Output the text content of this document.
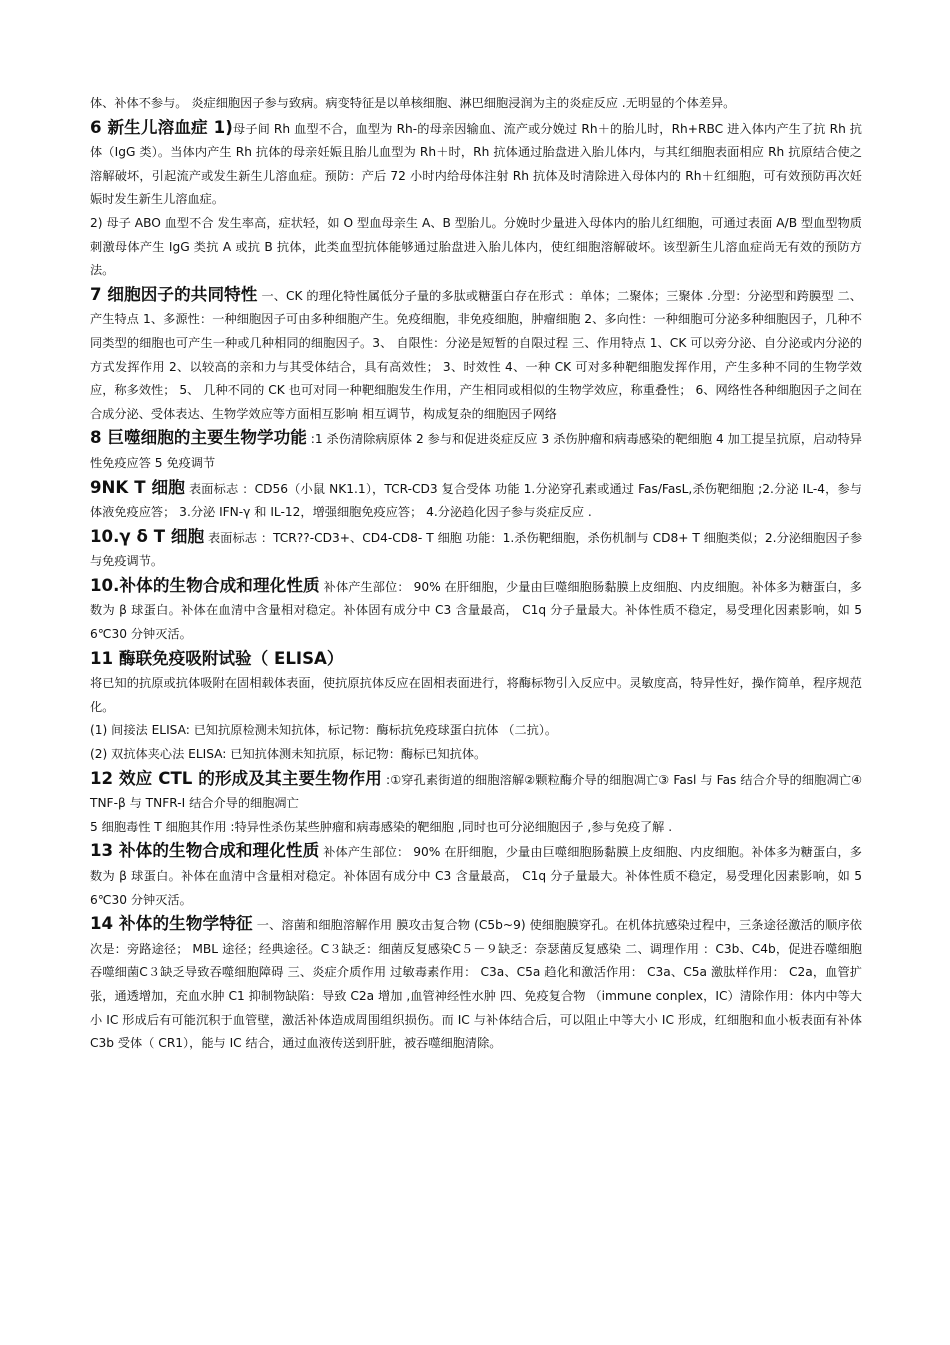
体、补体不参与。 炎症细胞因子参与致病。病变特征是以单核细胞、淋巴细胞浸润为主的炎症反应 .无明显的个体差异。

6 新生儿溶血症 1)母子间 Rh 血型不合，血型为 Rh-的母亲因输血、流产或分娩过 Rh＋的胎儿时，Rh+RBC 进入体内产生了抗 Rh 抗体（IgG 类）。当体内产生 Rh 抗体的母亲妊娠且胎儿血型为 Rh＋时，Rh 抗体通过胎盘进入胎儿体内，与其红细胞表面相应 Rh 抗原结合使之溶解破坏，引起流产或发生新生儿溶血症。预防：产后 72 小时内给母体注射 Rh 抗体及时清除进入母体内的 Rh＋红细胞，可有效预防再次妊娠时发生新生儿溶血症。

2) 母子 ABO 血型不合 发生率高，症状轻，如 O 型血母亲生 A、B 型胎儿。分娩时少量进入母体内的胎儿红细胞，可通过表面 A/B 型血型物质刺激母体产生 IgG 类抗 A 或抗 B 抗体，此类血型抗体能够通过胎盘进入胎儿体内，使红细胞溶解破坏。该型新生儿溶血症尚无有效的预防方法。

7 细胞因子的共同特性 一、CK 的理化特性属低分子量的多肽或糖蛋白存在形式 ：单体；二聚体；三聚体 .分型：分泌型和跨膜型 二、产生特点 1、多源性：一种细胞因子可由多种细胞产生。免疫细胞，非免疫细胞，肿瘤细胞 2、多向性：一种细胞可分泌多种细胞因子，几种不同类型的细胞也可产生一种或几种相同的细胞因子。3、 自限性：分泌是短暂的自限过程 三、作用特点 1、CK 可以旁分泌、自分泌或内分泌的方式发挥作用 2、以较高的亲和力与其受体结合，具有高效性； 3、时效性 4、一种 CK 可对多种靶细胞发挥作用，产生多种不同的生物学效应，称多效性； 5、 几种不同的 CK 也可对同一种靶细胞发生作用，产生相同或相似的生物学效应，称重叠性； 6、网络性各种细胞因子之间在合成分泌、受体表达、生物学效应等方面相互影响 相互调节，构成复杂的细胞因子网络

8 巨噬细胞的主要生物学功能 :1 杀伤清除病原体 2 参与和促进炎症反应 3 杀伤肿瘤和病毒感染的靶细胞 4 加工提呈抗原，启动特异性免疫应答 5 免疫调节

9NK T 细胞 表面标志 ：CD56（小鼠 NK1.1），TCR-CD3 复合受体 功能 1.分泌穿孔素或通过 Fas/FasL,杀伤靶细胞 ;2.分泌 IL-4，参与体液免疫应答； 3.分泌 IFN-γ 和 IL-12，增强细胞免疫应答； 4.分泌趋化因子参与炎症反应 .

10.γ δ T 细胞 表面标志 ：TCR??-CD3+、CD4-CD8- T 细胞 功能：1.杀伤靶细胞，杀伤机制与 CD8+ T 细胞类似；2.分泌细胞因子参与免疫调节。

10.补体的生物合成和理化性质 补体产生部位： 90% 在肝细胞，少量由巨噬细胞肠黏膜上皮细胞、内皮细胞。补体多为糖蛋白，多数为 β 球蛋白。补体在血清中含量相对稳定。补体固有成分中 C3 含量最高， C1q 分子量最大。补体性质不稳定，易受理化因素影响，如 56℃30 分钟灭活。

11 酶联免疫吸附试验（ ELISA）

将已知的抗原或抗体吸附在固相载体表面，使抗原抗体反应在固相表面进行，将酶标物引入反应中。灵敏度高，特异性好，操作简单，程序规范化。

(1) 间接法 ELISA: 已知抗原检测未知抗体，标记物：酶标抗免疫球蛋白抗体 （二抗）。

(2) 双抗体夹心法 ELISA: 已知抗体测未知抗原，标记物：酶标已知抗体。

12 效应 CTL 的形成及其主要生物作用 :①穿孔素街道的细胞溶解②颗粒酶介导的细胞凋亡③ Fasl 与 Fas 结合介导的细胞凋亡④ TNF-β 与 TNFR-I 结合介导的细胞凋亡

5 细胞毒性 T 细胞其作用 :特异性杀伤某些肿瘤和病毒感染的靶细胞 ,同时也可分泌细胞因子 ,参与免疫了解 .

13 补体的生物合成和理化性质 补体产生部位： 90% 在肝细胞，少量由巨噬细胞肠黏膜上皮细胞、内皮细胞。补体多为糖蛋白，多数为 β 球蛋白。补体在血清中含量相对稳定。补体固有成分中 C3 含量最高， C1q 分子量最大。补体性质不稳定，易受理化因素影响，如 56℃30 分钟灭活。

14 补体的生物学特征 一、溶菌和细胞溶解作用 膜攻击复合物 (C5b~9) 使细胞膜穿孔。在机体抗感染过程中，三条途径激活的顺序依次是：旁路途径； MBL 途径；经典途径。C３缺乏：细菌反复感染C５－９缺乏：奈瑟菌反复感染 二、调理作用 ：C3b、C4b，促进吞噬细胞吞噬细菌C３缺乏导致吞噬细胞障碍 三、炎症介质作用 过敏毒素作用： C3a、C5a 趋化和激活作用： C3a、C5a 激肽样作用： C2a，血管扩张，通透增加，充血水肿 C1 抑制物缺陷：导致 C2a 增加 ,血管神经性水肿 四、免疫复合物 （immune conplex，IC）清除作用：体内中等大小 IC 形成后有可能沉积于血管壁，激活补体造成周围组织损伤。而 IC 与补体结合后，可以阻止中等大小 IC 形成，红细胞和血小板表面有补体 C3b 受体（ CR1），能与 IC 结合，通过血液传送到肝脏，被吞噬细胞清除。
